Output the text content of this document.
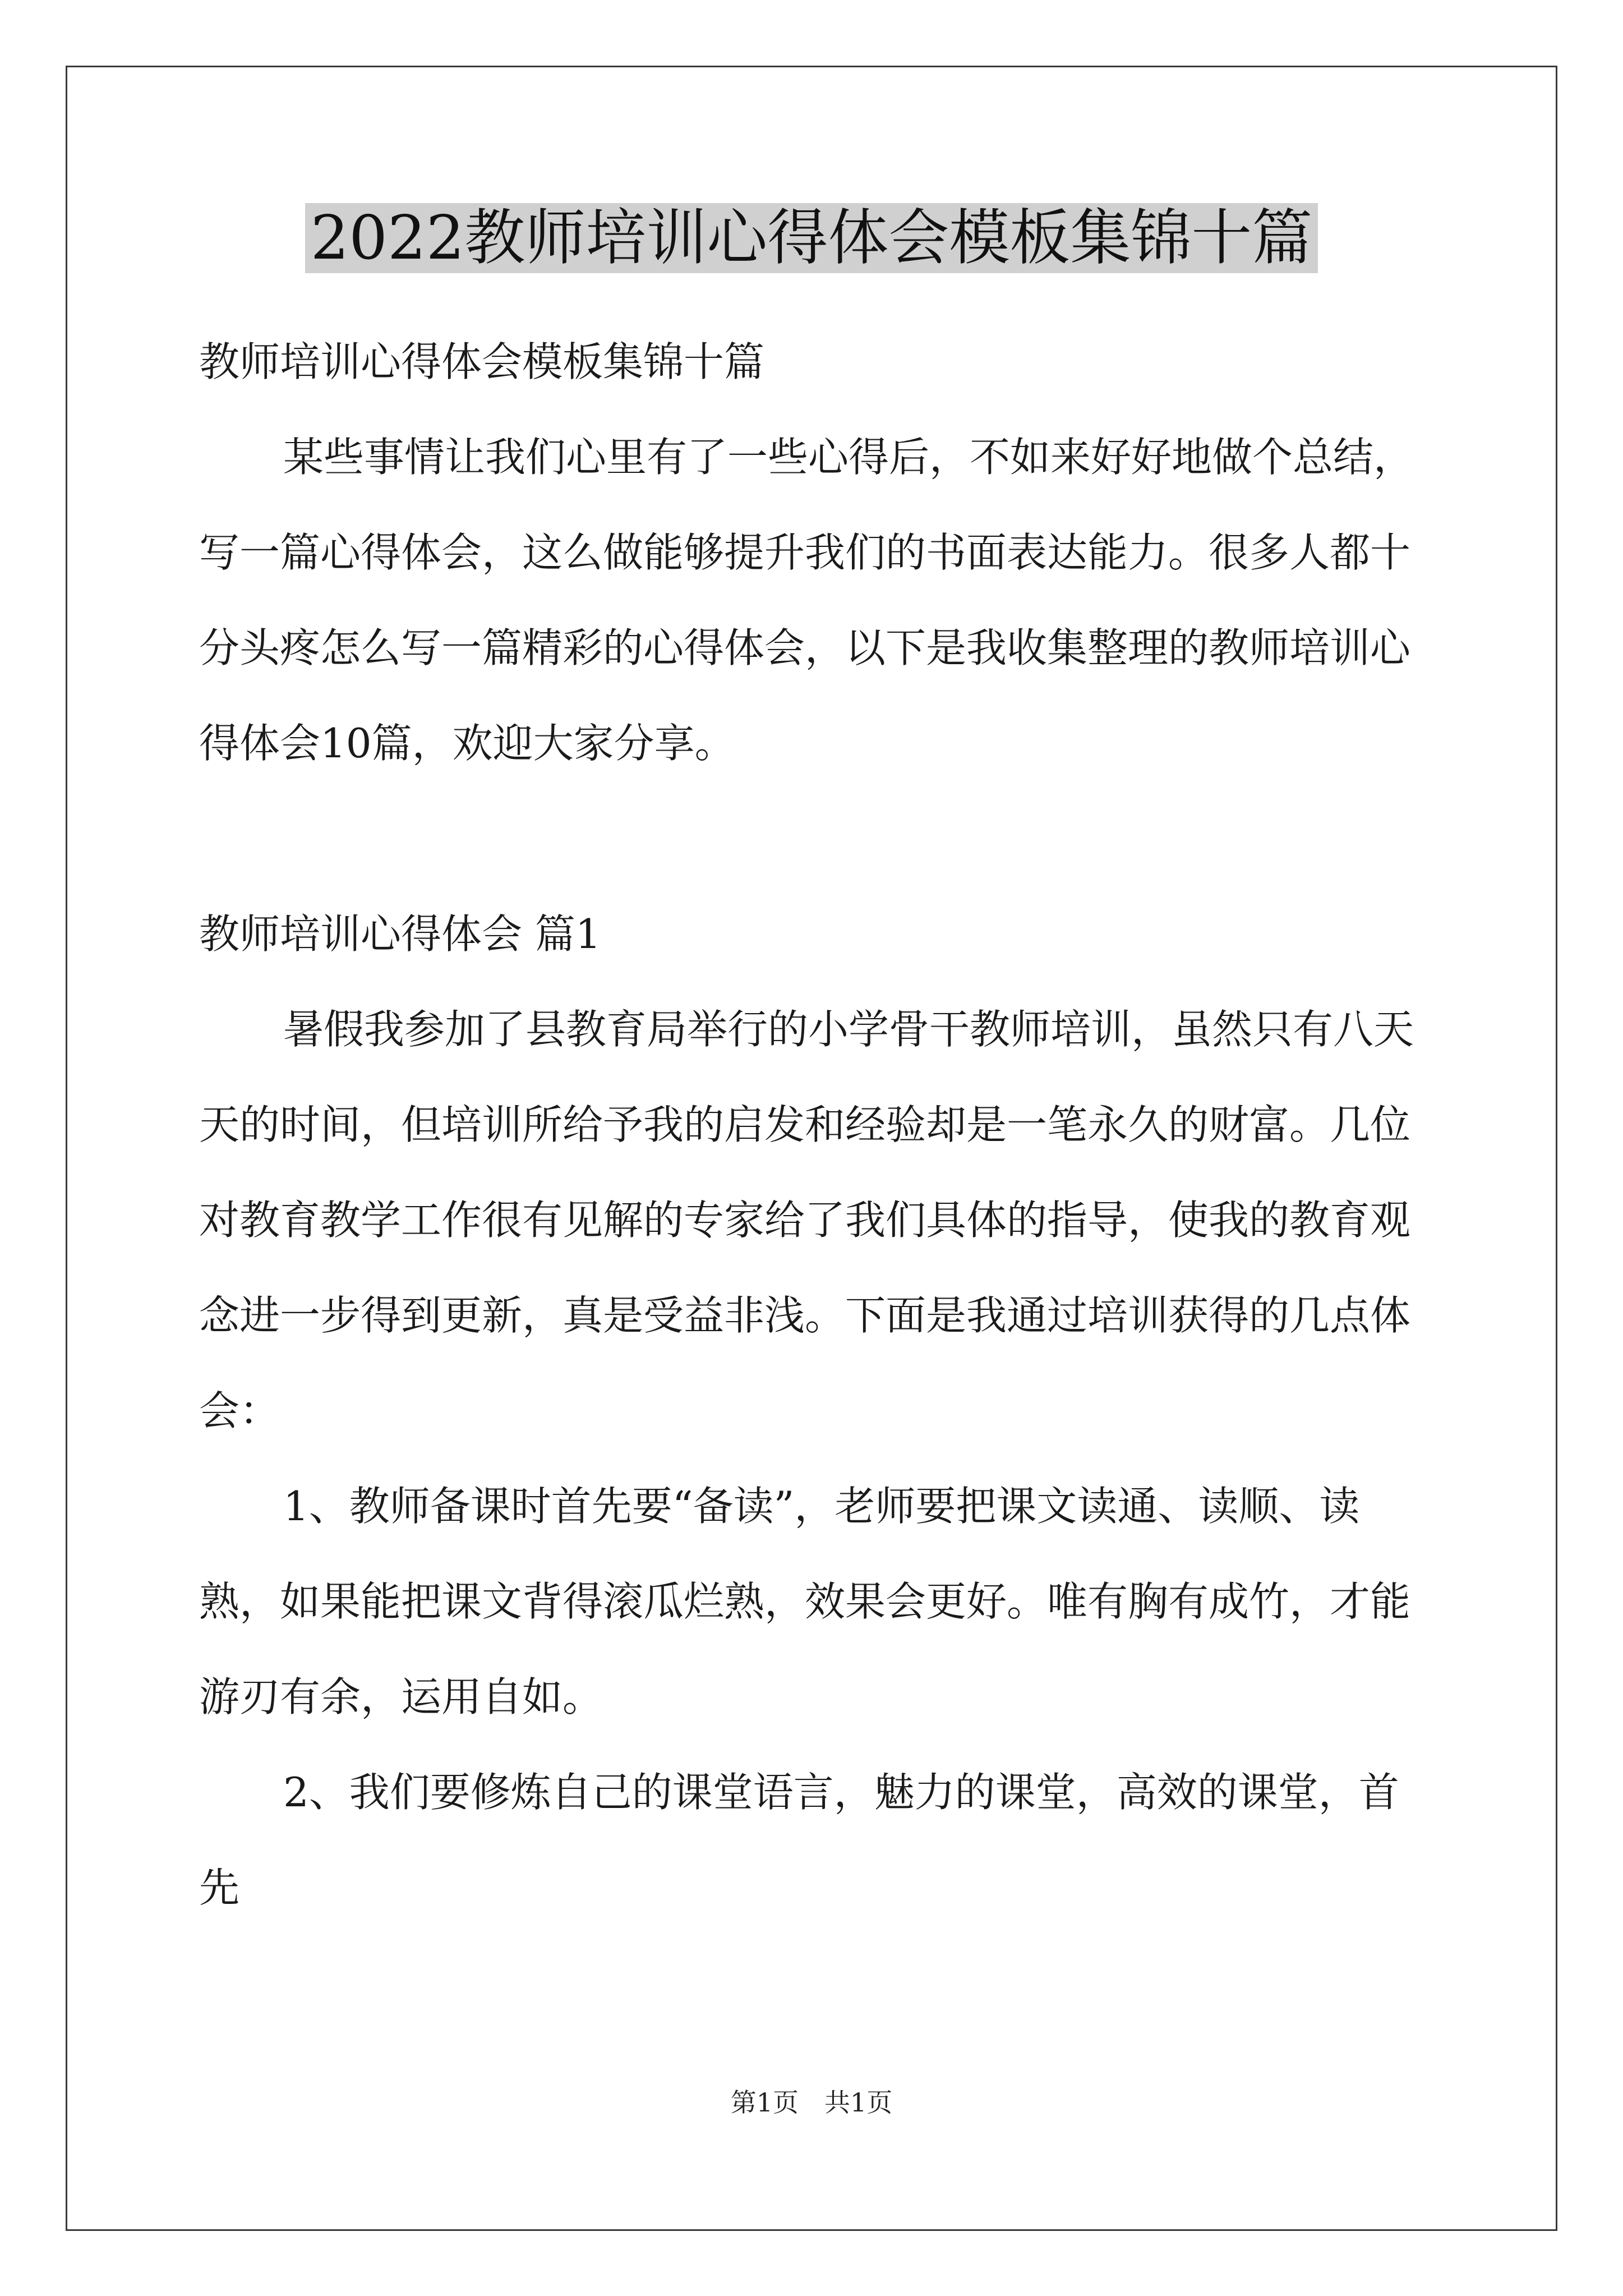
2022教师培训心得体会模板集锦十篇

教师培训心得体会模板集锦十篇

某些事情让我们心里有了一些心得后，不如来好好地做个总结，写一篇心得体会，这么做能够提升我们的书面表达能力。很多人都十分头疼怎么写一篇精彩的心得体会，以下是我收集整理的教师培训心得体会10篇，欢迎大家分享。

教师培训心得体会 篇1

暑假我参加了县教育局举行的小学骨干教师培训，虽然只有八天天的时间，但培训所给予我的启发和经验却是一笔永久的财富。几位对教育教学工作很有见解的专家给了我们具体的指导，使我的教育观念进一步得到更新，真是受益非浅。下面是我通过培训获得的几点体会：

1、教师备课时首先要“备读”，老师要把课文读通、读顺、读熟，如果能把课文背得滚瓜烂熟，效果会更好。唯有胸有成竹，才能游刃有余，运用自如。

2、我们要修炼自己的课堂语言，魅力的课堂，高效的课堂，首先

第1页　共1页
